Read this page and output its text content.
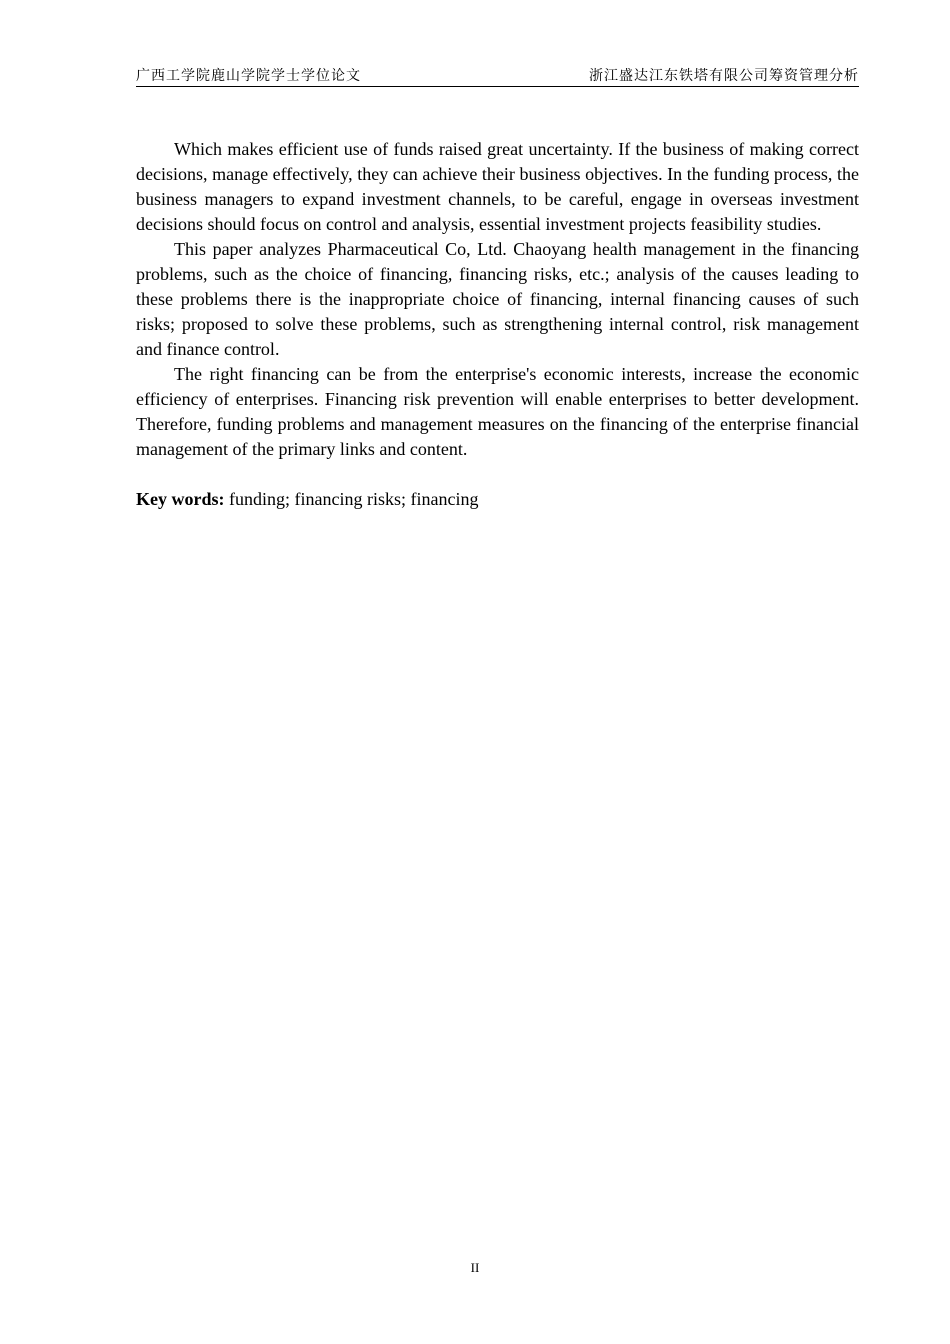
广西工学院鹿山学院学士学位论文	浙江盛达江东铁塔有限公司筹资管理分析

Which makes efficient use of funds raised great uncertainty. If the business of making correct decisions, manage effectively, they can achieve their business objectives. In the funding process, the business managers to expand investment channels, to be careful, engage in overseas investment decisions should focus on control and analysis, essential investment projects feasibility studies.

This paper analyzes Pharmaceutical Co, Ltd. Chaoyang health management in the financing problems, such as the choice of financing, financing risks, etc.; analysis of the causes leading to these problems there is the inappropriate choice of financing, internal financing causes of such risks; proposed to solve these problems, such as strengthening internal control, risk management and finance control.

The right financing can be from the enterprise's economic interests, increase the economic efficiency of enterprises. Financing risk prevention will enable enterprises to better development. Therefore, funding problems and management measures on the financing of the enterprise financial management of the primary links and content.

Key words: funding; financing risks; financing

II
